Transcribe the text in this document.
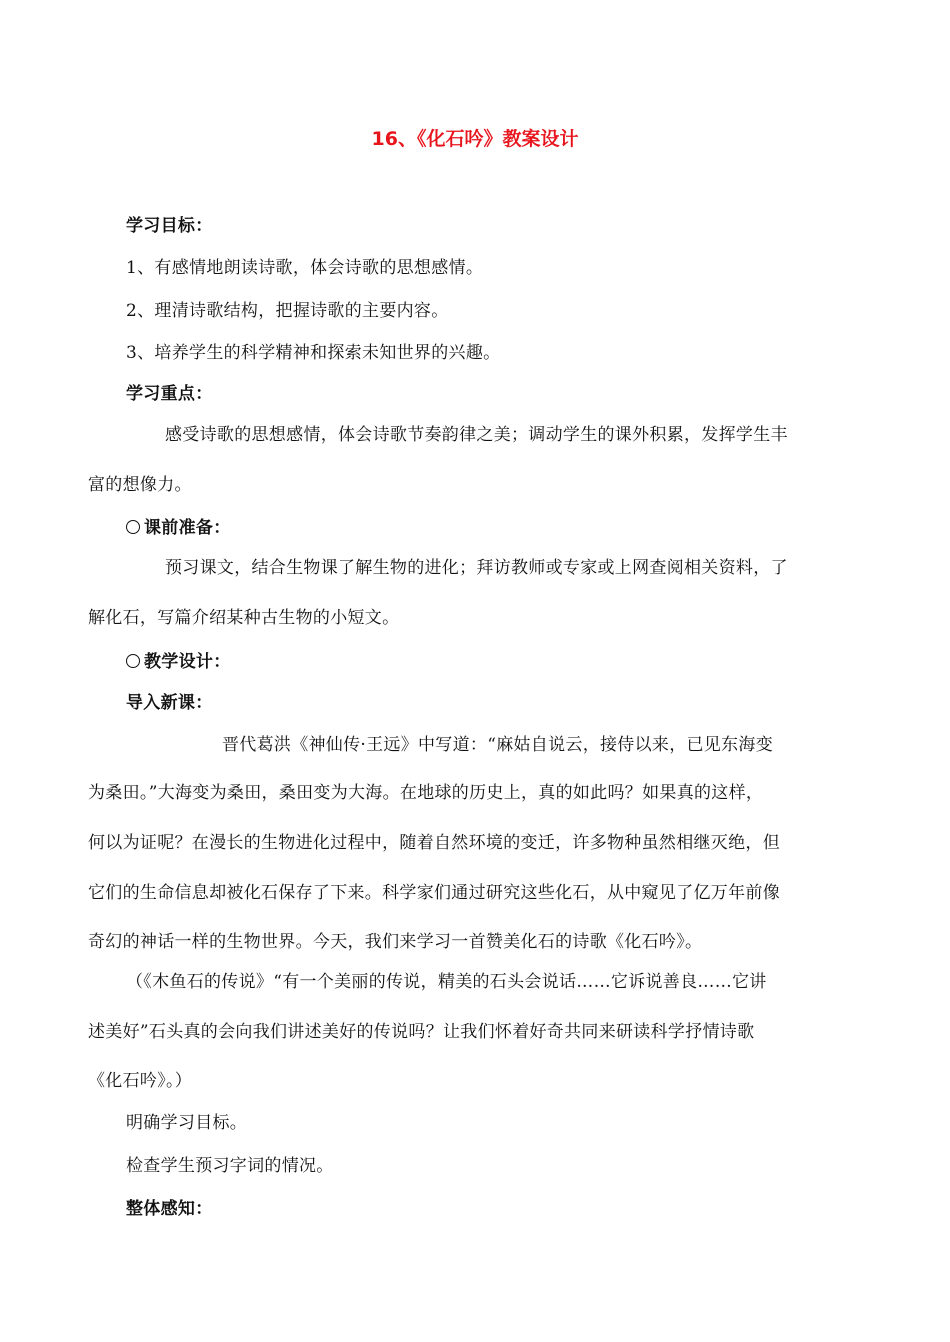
16、《化石吟》教案设计
学习目标：
1、有感情地朗读诗歌，体会诗歌的思想感情。
2、理清诗歌结构，把握诗歌的主要内容。
3、培养学生的科学精神和探索未知世界的兴趣。
学习重点：
感受诗歌的思想感情，体会诗歌节奏韵律之美；调动学生的课外积累，发挥学生丰
富的想像力。
课前准备：
预习课文，结合生物课了解生物的进化；拜访教师或专家或上网查阅相关资料，了
解化石，写篇介绍某种古生物的小短文。
教学设计：
导入新课：
晋代葛洪《神仙传·王远》中写道：“麻姑自说云，接侍以来，已见东海变
为桑田。”大海变为桑田，桑田变为大海。在地球的历史上，真的如此吗？如果真的这样，
何以为证呢？在漫长的生物进化过程中，随着自然环境的变迁，许多物种虽然相继灭绝，但
它们的生命信息却被化石保存了下来。科学家们通过研究这些化石，从中窥见了亿万年前像
奇幻的神话一样的生物世界。今天，我们来学习一首赞美化石的诗歌《化石吟》。
（《木鱼石的传说》“有一个美丽的传说，精美的石头会说话……它诉说善良……它讲
述美好”石头真的会向我们讲述美好的传说吗？让我们怀着好奇共同来研读科学抒情诗歌
《化石吟》。）
明确学习目标。
检查学生预习字词的情况。
整体感知：
